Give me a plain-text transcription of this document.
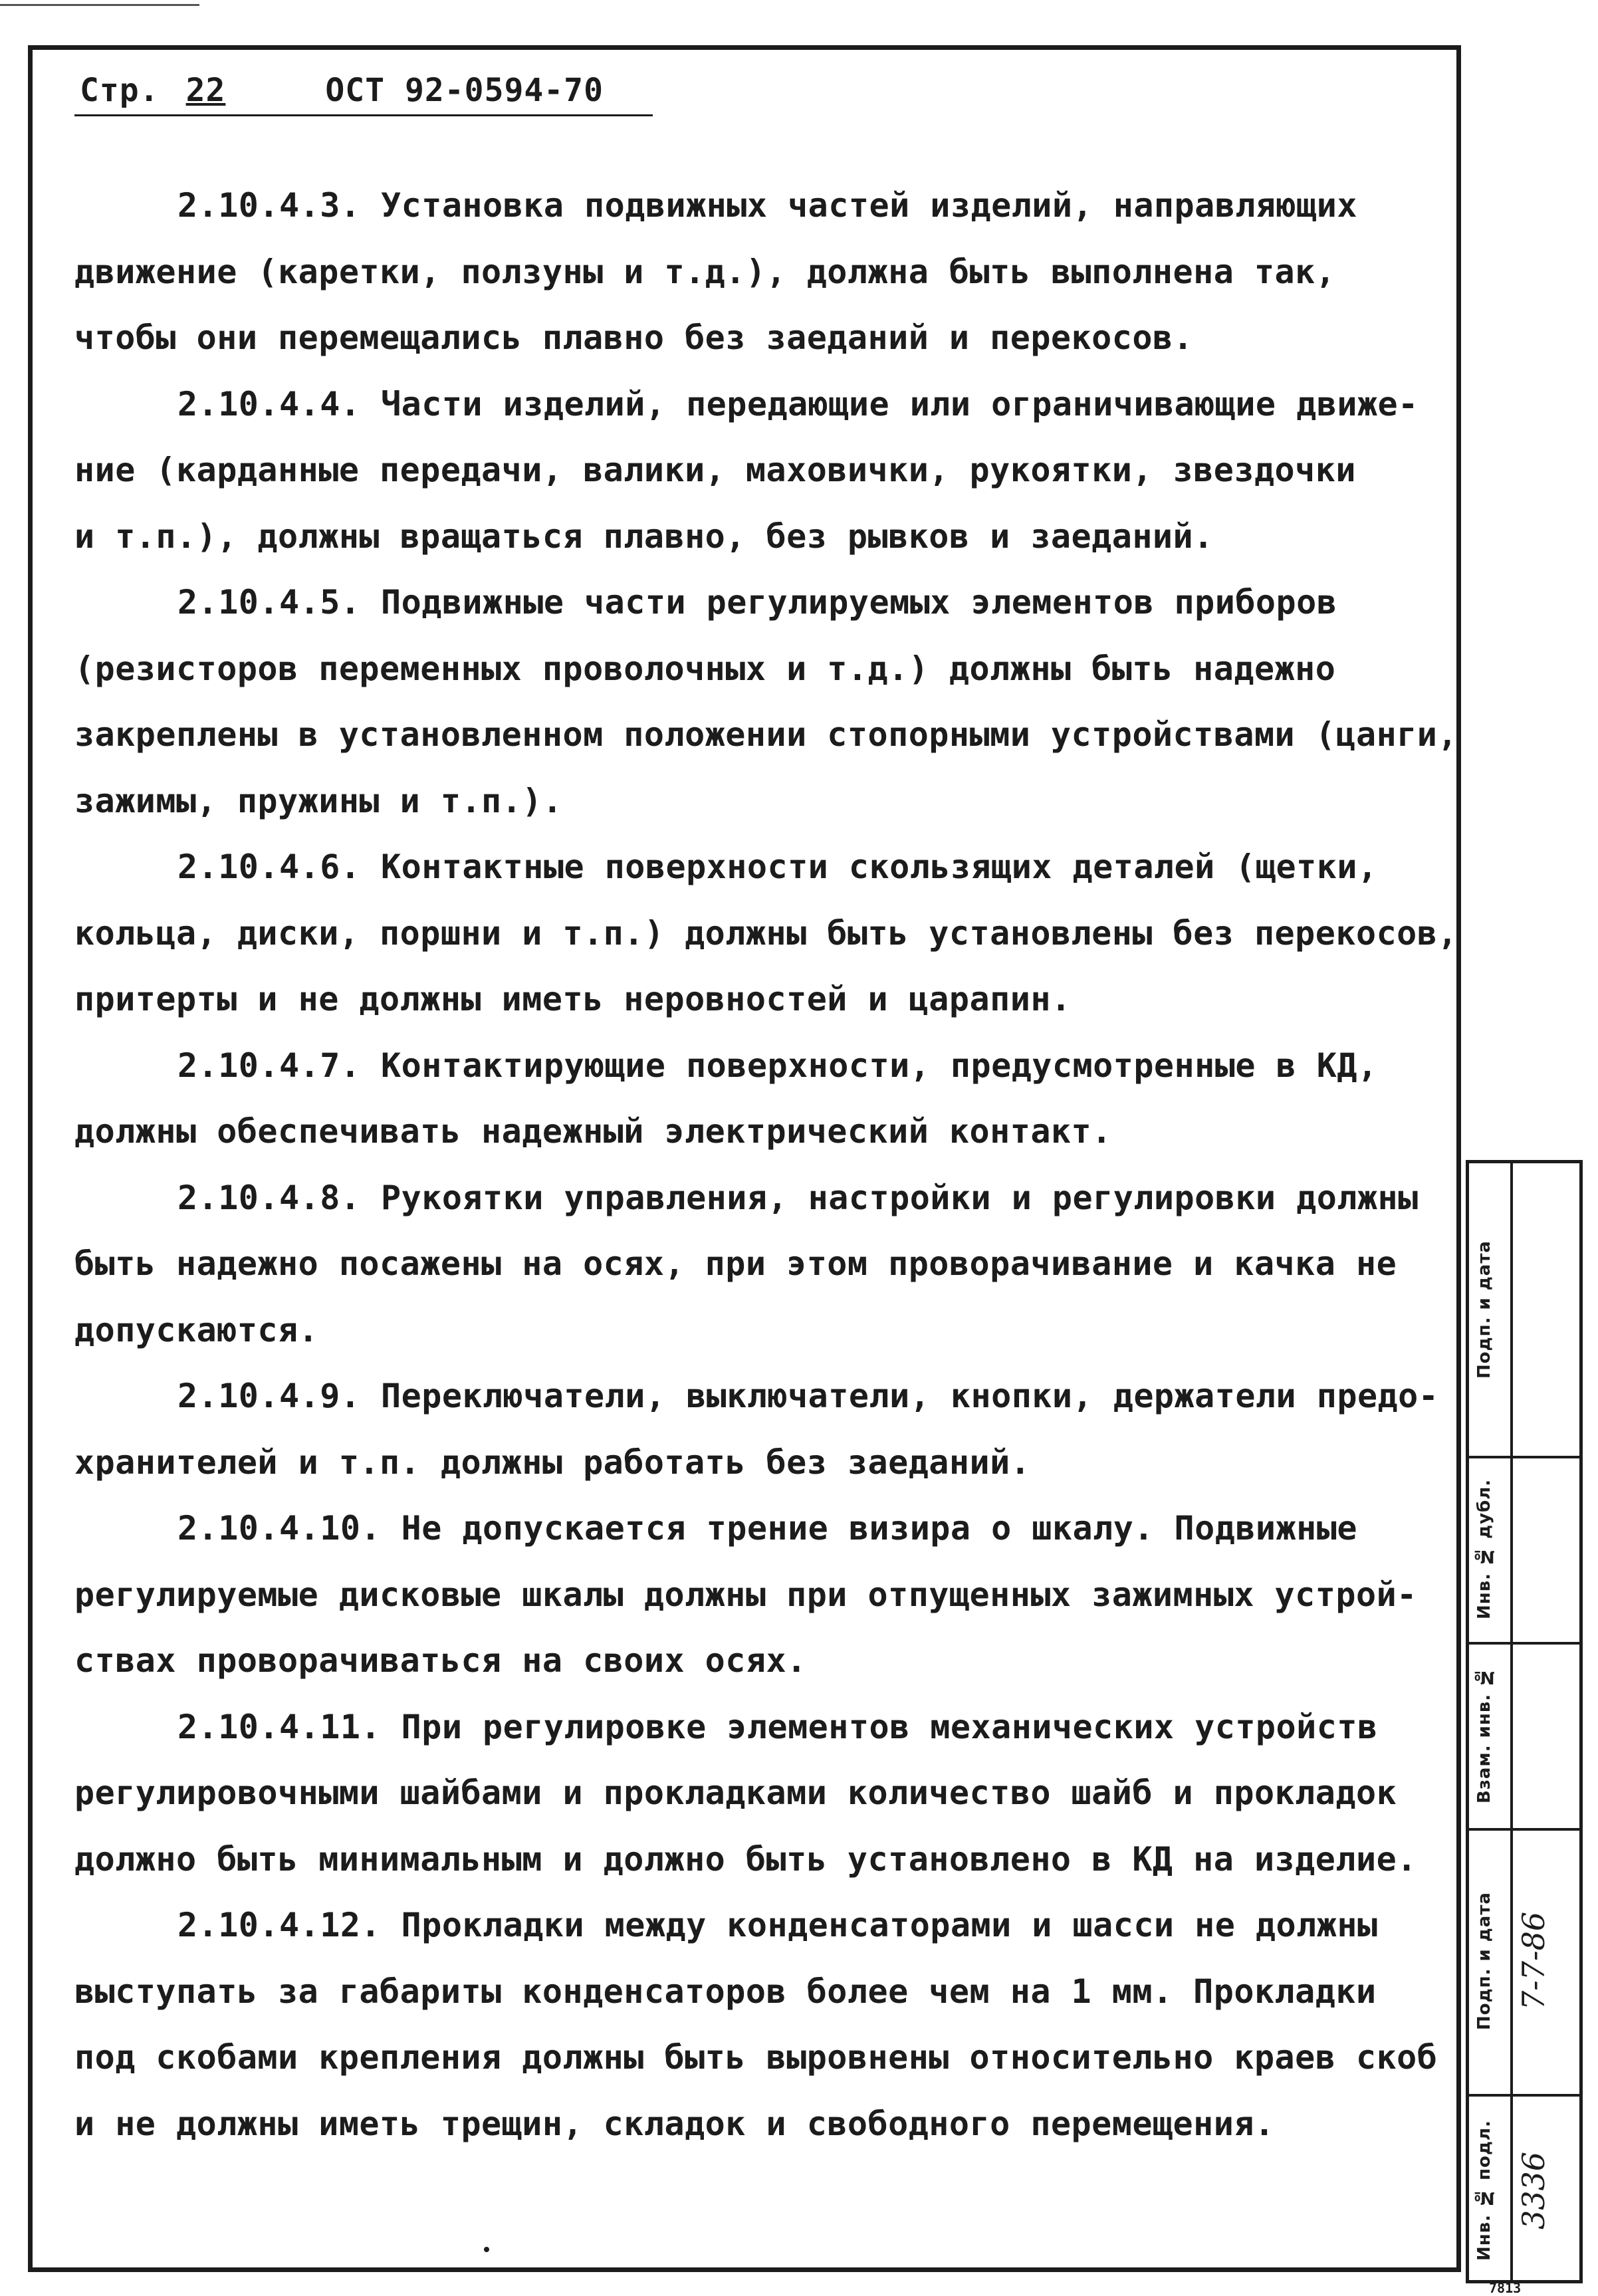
Стр. 22	ОСТ 92-0594-70
2.10.4.3. Установка подвижных частей изделий, направляющих
движение (каретки, ползуны и т.д.), должна быть выполнена так,
чтобы они перемещались плавно без заеданий и перекосов.
2.10.4.4. Части изделий, передающие или ограничивающие движе-
ние (карданные передачи, валики, маховички, рукоятки, звездочки
и т.п.), должны вращаться плавно, без рывков и заеданий.
2.10.4.5. Подвижные части регулируемых элементов приборов
(резисторов переменных проволочных и т.д.) должны быть надежно
закреплены в установленном положении стопорными устройствами (цанги,
зажимы, пружины и т.п.).
2.10.4.6. Контактные поверхности скользящих деталей (щетки,
кольца, диски, поршни и т.п.) должны быть установлены без перекосов,
притерты и не должны иметь неровностей и царапин.
2.10.4.7. Контактирующие поверхности, предусмотренные в КД,
должны обеспечивать надежный электрический контакт.
2.10.4.8. Рукоятки управления, настройки и регулировки должны
быть надежно посажены на осях, при этом проворачивание и качка не
допускаются.
2.10.4.9. Переключатели, выключатели, кнопки, держатели предо-
хранителей и т.п. должны работать без заеданий.
2.10.4.10. Не допускается трение визира о шкалу. Подвижные
регулируемые дисковые шкалы должны при отпущенных зажимных устрой-
ствах проворачиваться на своих осях.
2.10.4.11. При регулировке элементов механических устройств
регулировочными шайбами и прокладками количество шайб и прокладок
должно быть минимальным и должно быть установлено в КД на изделие.
2.10.4.12. Прокладки между конденсаторами и шасси не должны
выступать за габариты конденсаторов более чем на 1 мм. Прокладки
под скобами крепления должны быть выровнены относительно краев скоб
и не должны иметь трещин, складок и свободного перемещения.
Подп. и дата
Инв. № дубл.
Взам. инв. №
Подп. и дата
Инв. № подл.
7-7-86
3336
7813
